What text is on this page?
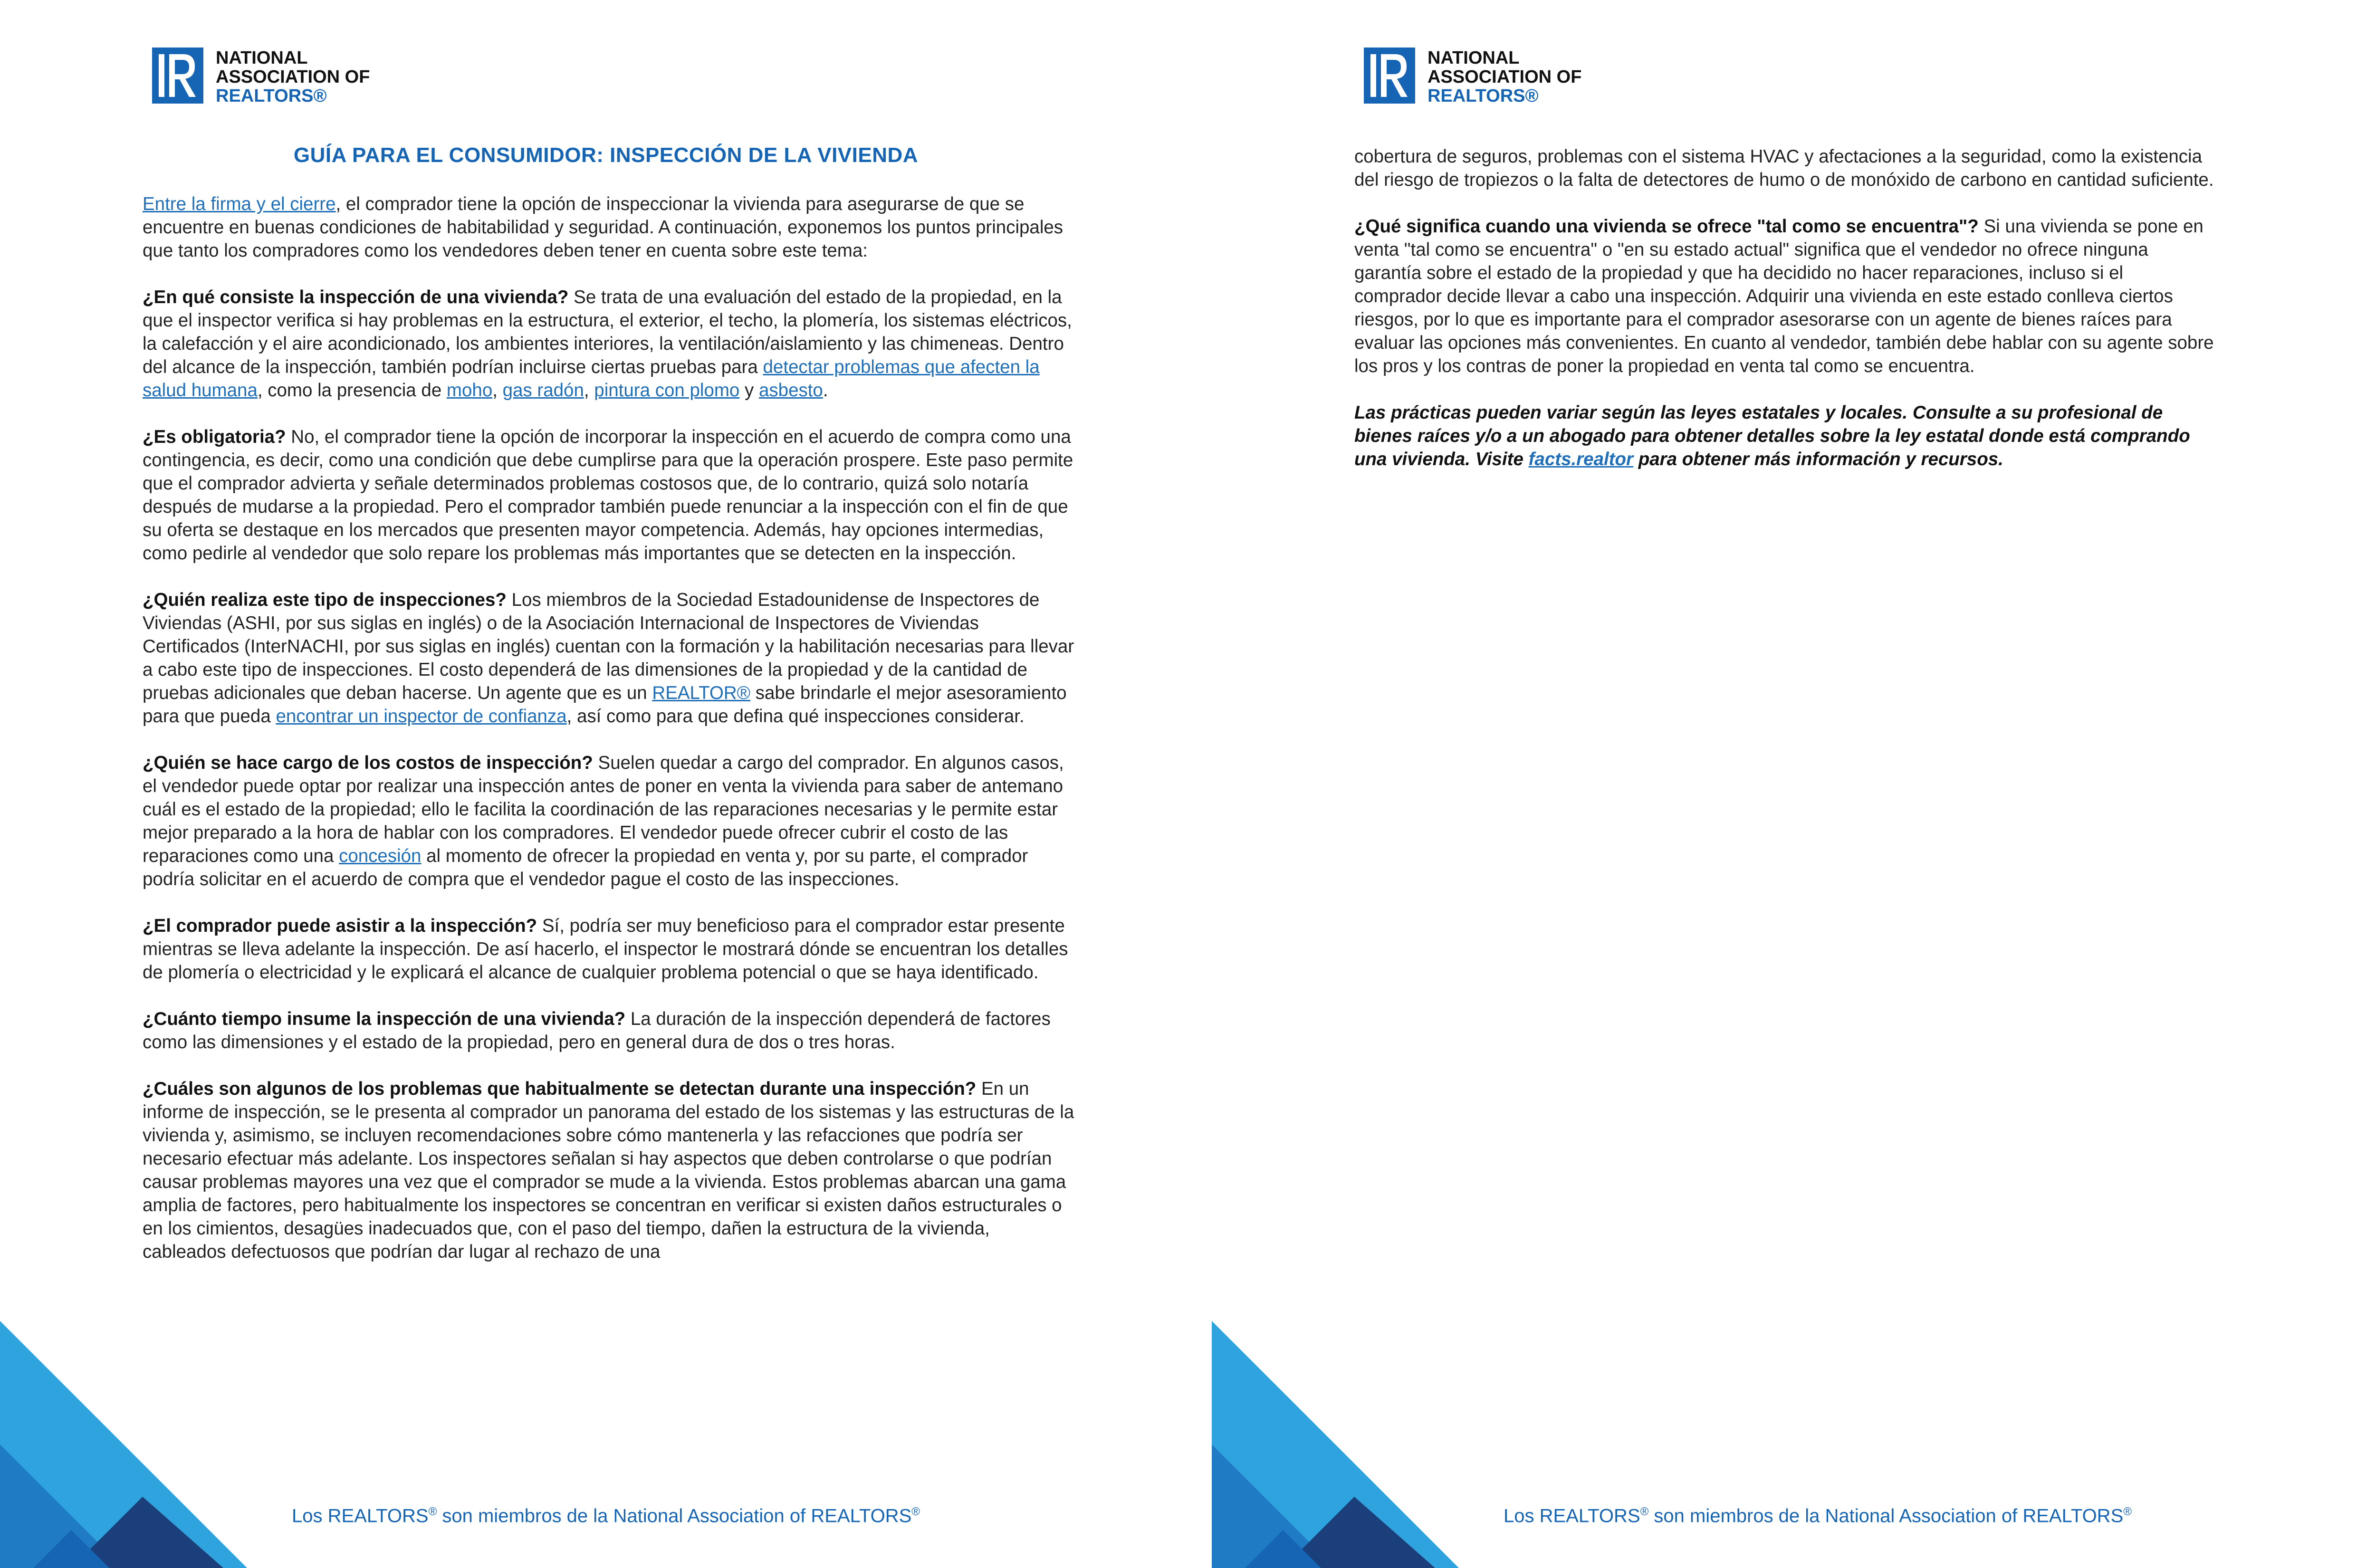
NATIONAL
ASSOCIATION OF
REALTORS®
GUÍA PARA EL CONSUMIDOR: INSPECCIÓN DE LA VIVIENDA

Entre la firma y el cierre, el comprador tiene la opción de inspeccionar la vivienda para asegurarse de que se encuentre en buenas condiciones de habitabilidad y seguridad. A continuación, exponemos los puntos principales que tanto los compradores como los vendedores deben tener en cuenta sobre este tema:

¿En qué consiste la inspección de una vivienda? Se trata de una evaluación del estado de la propiedad, en la que el inspector verifica si hay problemas en la estructura, el exterior, el techo, la plomería, los sistemas eléctricos, la calefacción y el aire acondicionado, los ambientes interiores, la ventilación/aislamiento y las chimeneas. Dentro del alcance de la inspección, también podrían incluirse ciertas pruebas para detectar problemas que afecten la salud humana, como la presencia de moho, gas radón, pintura con plomo y asbesto.

¿Es obligatoria? No, el comprador tiene la opción de incorporar la inspección en el acuerdo de compra como una contingencia, es decir, como una condición que debe cumplirse para que la operación prospere. Este paso permite que el comprador advierta y señale determinados problemas costosos que, de lo contrario, quizá solo notaría después de mudarse a la propiedad. Pero el comprador también puede renunciar a la inspección con el fin de que su oferta se destaque en los mercados que presenten mayor competencia. Además, hay opciones intermedias, como pedirle al vendedor que solo repare los problemas más importantes que se detecten en la inspección.

¿Quién realiza este tipo de inspecciones? Los miembros de la Sociedad Estadounidense de Inspectores de Viviendas (ASHI, por sus siglas en inglés) o de la Asociación Internacional de Inspectores de Viviendas Certificados (InterNACHI, por sus siglas en inglés) cuentan con la formación y la habilitación necesarias para llevar a cabo este tipo de inspecciones. El costo dependerá de las dimensiones de la propiedad y de la cantidad de pruebas adicionales que deban hacerse. Un agente que es un REALTOR® sabe brindarle el mejor asesoramiento para que pueda encontrar un inspector de confianza, así como para que defina qué inspecciones considerar.

¿Quién se hace cargo de los costos de inspección? Suelen quedar a cargo del comprador. En algunos casos, el vendedor puede optar por realizar una inspección antes de poner en venta la vivienda para saber de antemano cuál es el estado de la propiedad; ello le facilita la coordinación de las reparaciones necesarias y le permite estar mejor preparado a la hora de hablar con los compradores. El vendedor puede ofrecer cubrir el costo de las reparaciones como una concesión al momento de ofrecer la propiedad en venta y, por su parte, el comprador podría solicitar en el acuerdo de compra que el vendedor pague el costo de las inspecciones.

¿El comprador puede asistir a la inspección? Sí, podría ser muy beneficioso para el comprador estar presente mientras se lleva adelante la inspección. De así hacerlo, el inspector le mostrará dónde se encuentran los detalles de plomería o electricidad y le explicará el alcance de cualquier problema potencial o que se haya identificado.

¿Cuánto tiempo insume la inspección de una vivienda? La duración de la inspección dependerá de factores como las dimensiones y el estado de la propiedad, pero en general dura de dos o tres horas.

¿Cuáles son algunos de los problemas que habitualmente se detectan durante una inspección? En un informe de inspección, se le presenta al comprador un panorama del estado de los sistemas y las estructuras de la vivienda y, asimismo, se incluyen recomendaciones sobre cómo mantenerla y las refacciones que podría ser necesario efectuar más adelante. Los inspectores señalan si hay aspectos que deben controlarse o que podrían causar problemas mayores una vez que el comprador se mude a la vivienda. Estos problemas abarcan una gama amplia de factores, pero habitualmente los inspectores se concentran en verificar si existen daños estructurales o en los cimientos, desagües inadecuados que, con el paso del tiempo, dañen la estructura de la vivienda, cableados defectuosos que podrían dar lugar al rechazo de una

Los REALTORS® son miembros de la National Association of REALTORS®
NATIONAL
ASSOCIATION OF
REALTORS®

cobertura de seguros, problemas con el sistema HVAC y afectaciones a la seguridad, como la existencia del riesgo de tropiezos o la falta de detectores de humo o de monóxido de carbono en cantidad suficiente.

¿Qué significa cuando una vivienda se ofrece "tal como se encuentra"? Si una vivienda se pone en venta "tal como se encuentra" o "en su estado actual" significa que el vendedor no ofrece ninguna garantía sobre el estado de la propiedad y que ha decidido no hacer reparaciones, incluso si el comprador decide llevar a cabo una inspección. Adquirir una vivienda en este estado conlleva ciertos riesgos, por lo que es importante para el comprador asesorarse con un agente de bienes raíces para evaluar las opciones más convenientes. En cuanto al vendedor, también debe hablar con su agente sobre los pros y los contras de poner la propiedad en venta tal como se encuentra.

Las prácticas pueden variar según las leyes estatales y locales. Consulte a su profesional de bienes raíces y/o a un abogado para obtener detalles sobre la ley estatal donde está comprando una vivienda. Visite facts.realtor para obtener más información y recursos.

Los REALTORS® son miembros de la National Association of REALTORS®
